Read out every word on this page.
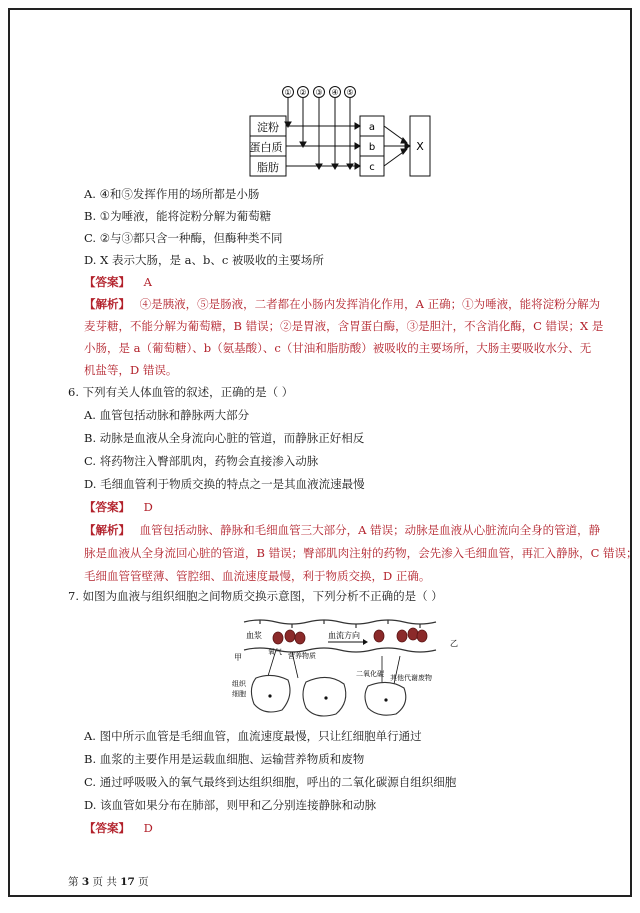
① ② ③ ④ ⑤
淀粉
蛋白质
脂肪
a
b
c
X
A. ④和⑤发挥作用的场所都是小肠
B. ①为唾液，能将淀粉分解为葡萄糖
C. ②与③都只含一种酶，但酶种类不同
D. X 表示大肠，是 a、b、c 被吸收的主要场所
【答案】 A
【解析】 ④是胰液，⑤是肠液，二者都在小肠内发挥消化作用，A 正确；①为唾液，能将淀粉分解为
麦芽糖，不能分解为葡萄糖，B 错误；②是胃液，含胃蛋白酶，③是胆汁，不含消化酶，C 错误；X 是
小肠，是 a（葡萄糖）、b（氨基酸）、c（甘油和脂肪酸）被吸收的主要场所，大肠主要吸收水分、无
机盐等，D 错误。
6. 下列有关人体血管的叙述，正确的是（ ）
A. 血管包括动脉和静脉两大部分
B. 动脉是血液从全身流向心脏的管道，而静脉正好相反
C. 将药物注入臀部肌肉，药物会直接渗入动脉
D. 毛细血管利于物质交换的特点之一是其血液流速最慢
【答案】 D
【解析】 血管包括动脉、静脉和毛细血管三大部分，A 错误；动脉是血液从心脏流向全身的管道，静
脉是血液从全身流回心脏的管道，B 错误；臀部肌肉注射的药物，会先渗入毛细血管，再汇入静脉，C 错误；
毛细血管管壁薄、管腔细、血流速度最慢，利于物质交换，D 正确。
7. 如图为血液与组织细胞之间物质交换示意图，下列分析不正确的是（ ）
血浆	血流方向
甲
乙
氧气 营养物质
二氧化碳 其他代谢废物
组织
细胞
A. 图中所示血管是毛细血管，血流速度最慢，只让红细胞单行通过
B. 血浆的主要作用是运载血细胞、运输营养物质和废物
C. 通过呼吸吸入的氧气最终到达组织细胞，呼出的二氧化碳源自组织细胞
D. 该血管如果分布在肺部，则甲和乙分别连接静脉和动脉
【答案】 D
第 3 页 共 17 页
